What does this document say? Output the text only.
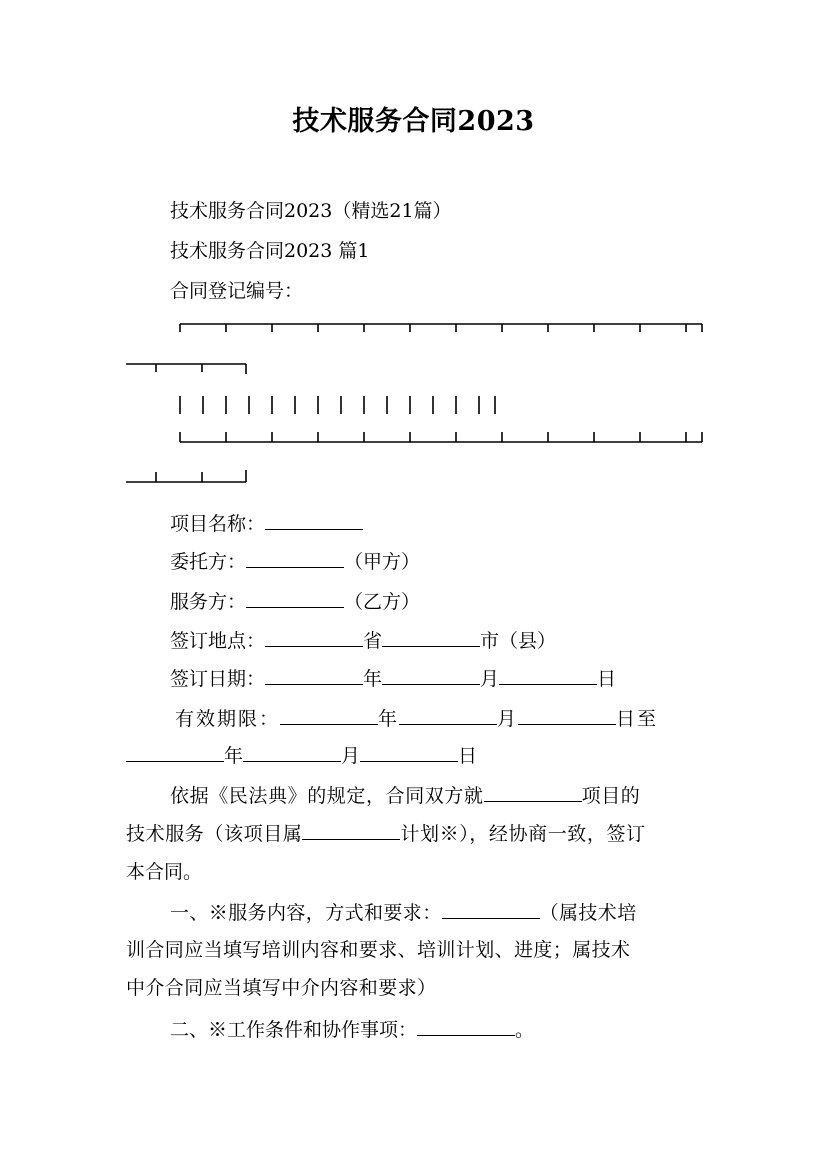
技术服务合同2023
技术服务合同2023（精选21篇）
技术服务合同2023 篇1
合同登记编号：
项目名称：
委托方：	（甲方）
服务方：	（乙方）
签订地点：	省	市（县）
签订日期：	年	月	日
有效期限：	年	月	日至
年	月	日
依据《民法典》的规定，合同双方就	项目的
技术服务（该项目属	计划※），经协商一致，签订
本合同。
一、※服务内容，方式和要求：	（属技术培
训合同应当填写培训内容和要求、培训计划、进度；属技术
中介合同应当填写中介内容和要求）
二、※工作条件和协作事项：	。
